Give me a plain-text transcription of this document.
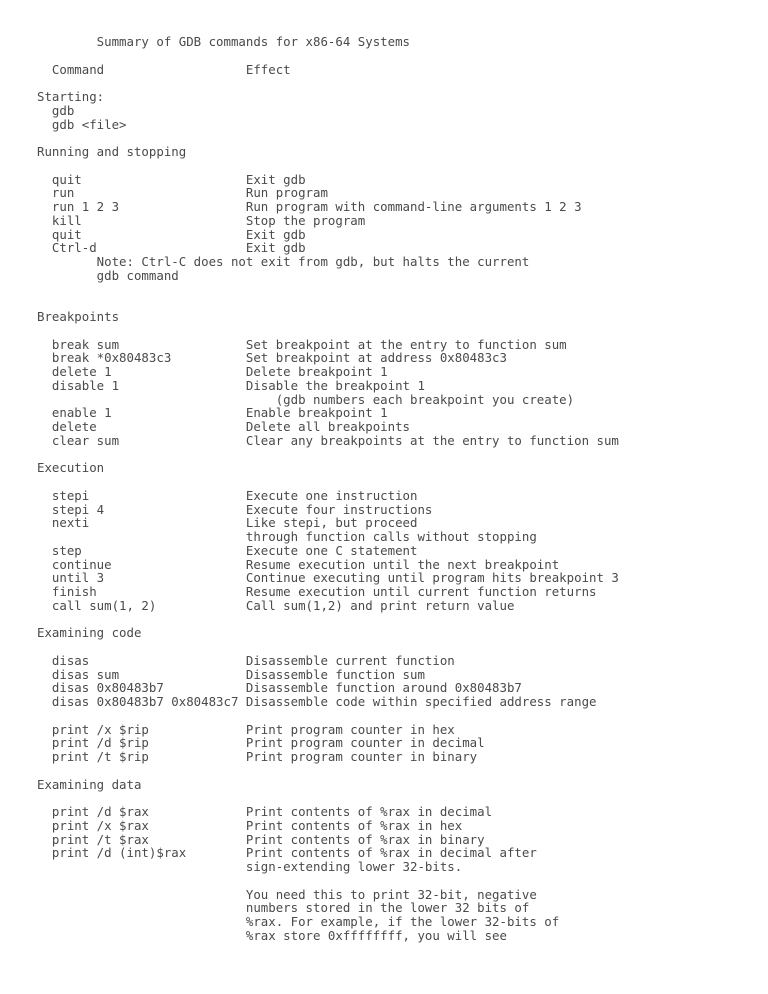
Summary of GDB commands for x86-64 Systems
Command                   Effect
Starting:
gdb
gdb <file>
Running and stopping
quit                      Exit gdb
run                       Run program
run 1 2 3                 Run program with command-line arguments 1 2 3
kill                      Stop the program
quit                      Exit gdb
Ctrl-d                    Exit gdb
Note: Ctrl-C does not exit from gdb, but halts the current
gdb command
Breakpoints
break sum                 Set breakpoint at the entry to function sum
break *0x80483c3          Set breakpoint at address 0x80483c3
delete 1                  Delete breakpoint 1
disable 1                 Disable the breakpoint 1
(gdb numbers each breakpoint you create)
enable 1                  Enable breakpoint 1
delete                    Delete all breakpoints
clear sum                 Clear any breakpoints at the entry to function sum
Execution
stepi                     Execute one instruction
stepi 4                   Execute four instructions
nexti                     Like stepi, but proceed
through function calls without stopping
step                      Execute one C statement
continue                  Resume execution until the next breakpoint
until 3                   Continue executing until program hits breakpoint 3
finish                    Resume execution until current function returns
call sum(1, 2)            Call sum(1,2) and print return value
Examining code
disas                     Disassemble current function
disas sum                 Disassemble function sum
disas 0x80483b7           Disassemble function around 0x80483b7
disas 0x80483b7 0x80483c7 Disassemble code within specified address range
print /x $rip             Print program counter in hex
print /d $rip             Print program counter in decimal
print /t $rip             Print program counter in binary
Examining data
print /d $rax             Print contents of %rax in decimal
print /x $rax             Print contents of %rax in hex
print /t $rax             Print contents of %rax in binary
print /d (int)$rax        Print contents of %rax in decimal after
sign-extending lower 32-bits.
You need this to print 32-bit, negative
numbers stored in the lower 32 bits of
%rax. For example, if the lower 32-bits of
%rax store 0xffffffff, you will see
